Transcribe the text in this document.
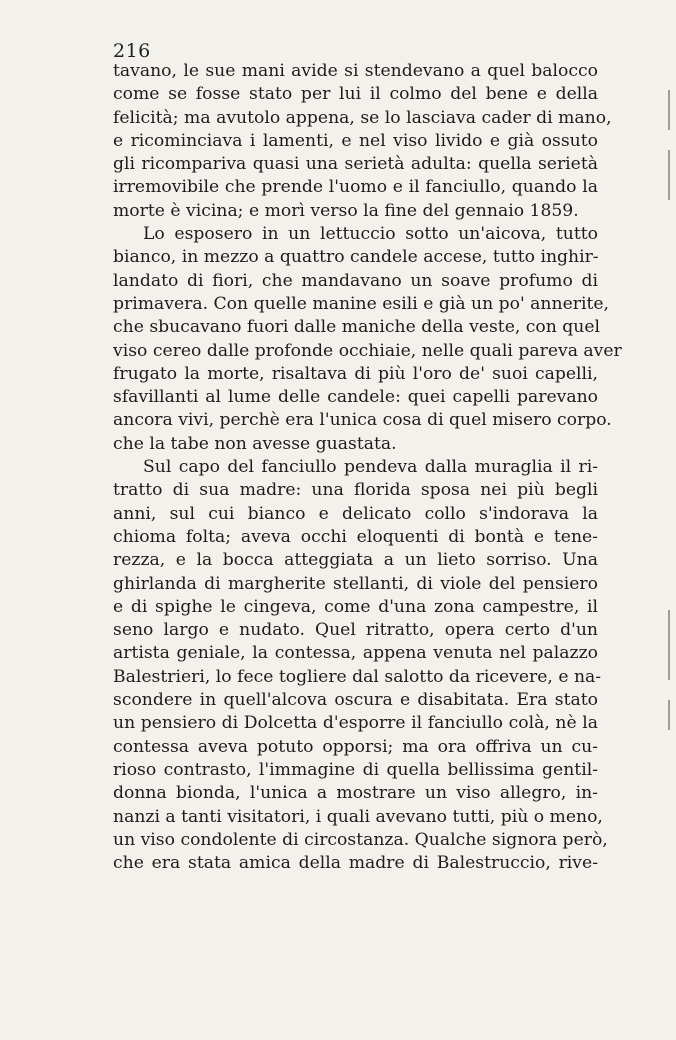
216
tavano, le sue mani avide si stendevano a quel balocco
come se fosse stato per lui il colmo del bene e della
felicità; ma avutolo appena, se lo lasciava cader di mano,
e ricominciava i lamenti, e nel viso livido e già ossuto
gli ricompariva quasi una serietà adulta: quella serietà
irremovibile che prende l'uomo e il fanciullo, quando la
morte è vicina; e morì verso la fine del gennaio 1859.
Lo esposero in un lettuccio sotto un'aicova, tutto
bianco, in mezzo a quattro candele accese, tutto inghir-
landato di fiori, che mandavano un soave profumo di
primavera. Con quelle manine esili e già un po' annerite,
che sbucavano fuori dalle maniche della veste, con quel
viso cereo dalle profonde occhiaie, nelle quali pareva aver
frugato la morte, risaltava di più l'oro de' suoi capelli,
sfavillanti al lume delle candele: quei capelli parevano
ancora vivi, perchè era l'unica cosa di quel misero corpo.
che la tabe non avesse guastata.
Sul capo del fanciullo pendeva dalla muraglia il ri-
tratto di sua madre: una florida sposa nei più begli
anni, sul cui bianco e delicato collo s'indorava la
chioma folta; aveva occhi eloquenti di bontà e tene-
rezza, e la bocca atteggiata a un lieto sorriso. Una
ghirlanda di margherite stellanti, di viole del pensiero
e di spighe le cingeva, come d'una zona campestre, il
seno largo e nudato. Quel ritratto, opera certo d'un
artista geniale, la contessa, appena venuta nel palazzo
Balestrieri, lo fece togliere dal salotto da ricevere, e na-
scondere in quell'alcova oscura e disabitata. Era stato
un pensiero di Dolcetta d'esporre il fanciullo colà, nè la
contessa aveva potuto opporsi; ma ora offriva un cu-
rioso contrasto, l'immagine di quella bellissima gentil-
donna bionda, l'unica a mostrare un viso allegro, in-
nanzi a tanti visitatori, i quali avevano tutti, più o meno,
un viso condolente di circostanza. Qualche signora però,
che era stata amica della madre di Balestruccio, rive-
